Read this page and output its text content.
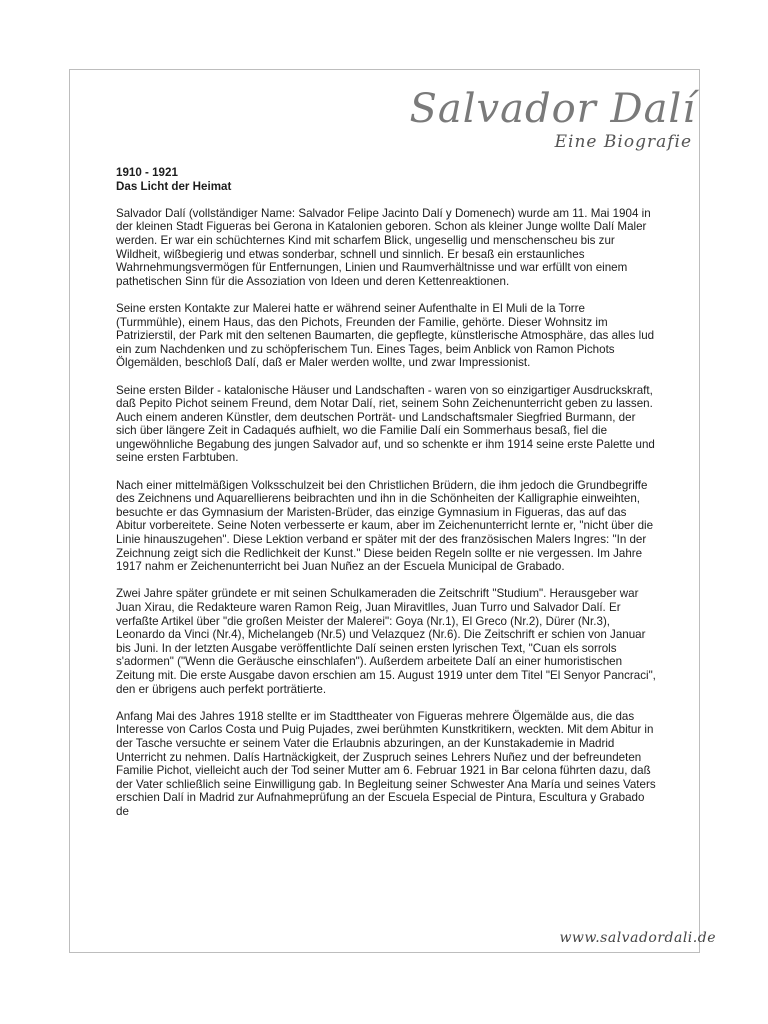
Salvador Dalí
Eine Biografie

1910 - 1921

Das Licht der Heimat

Salvador Dalí (vollständiger Name: Salvador Felipe Jacinto Dalí y Domenech) wurde am 11. Mai 1904 in der kleinen Stadt Figueras bei Gerona in Katalonien geboren. Schon als kleiner Junge wollte Dalí Maler werden. Er war ein schüchternes Kind mit scharfem Blick, ungesellig und menschenscheu bis zur Wildheit, wißbegierig und etwas sonderbar, schnell und sinnlich. Er besaß ein erstaunliches Wahrnehmungsvermögen für Entfernungen, Linien und Raumverhältnisse und war erfüllt von einem pathetischen Sinn für die Assoziation von Ideen und deren Kettenreaktionen.

Seine ersten Kontakte zur Malerei hatte er während seiner Aufenthalte in El Muli de la Torre (Turmmühle), einem Haus, das den Pichots, Freunden der Familie, gehörte. Dieser Wohnsitz im Patrizierstil, der Park mit den seltenen Baumarten, die gepflegte, künstlerische Atmosphäre, das alles lud ein zum Nachdenken und zu schöpferischem Tun. Eines Tages, beim Anblick von Ramon Pichots Ölgemälden, beschloß Dalí, daß er Maler werden wollte, und zwar Impressionist.

Seine ersten Bilder - katalonische Häuser und Landschaften - waren von so einzigartiger Ausdruckskraft, daß Pepito Pichot seinem Freund, dem Notar Dalí, riet, seinem Sohn Zeichenunterricht geben zu lassen. Auch einem anderen Künstler, dem deutschen Porträt- und Landschaftsmaler Siegfried Burmann, der sich über längere Zeit in Cadaqués aufhielt, wo die Familie Dalí ein Sommerhaus besaß, fiel die ungewöhnliche Begabung des jungen Salvador auf, und so schenkte er ihm 1914 seine erste Palette und seine ersten Farbtuben.

Nach einer mittelmäßigen Volksschulzeit bei den Christlichen Brüdern, die ihm jedoch die Grundbegriffe des Zeichnens und Aquarellierens beibrachten und ihn in die Schönheiten der Kalligraphie einweihten, besuchte er das Gymnasium der Maristen-Brüder, das einzige Gymnasium in Figueras, das auf das Abitur vorbereitete. Seine Noten verbesserte er kaum, aber im Zeichenunterricht lernte er, "nicht über die Linie hinauszugehen". Diese Lektion verband er später mit der des französischen Malers Ingres: "In der Zeichnung zeigt sich die Redlichkeit der Kunst." Diese beiden Regeln sollte er nie vergessen. Im Jahre 1917 nahm er Zeichenunterricht bei Juan Nuñez an der Escuela Municipal de Grabado.

Zwei Jahre später gründete er mit seinen Schulkameraden die Zeitschrift "Studium". Herausgeber war Juan Xirau, die Redakteure waren Ramon Reig, Juan Miravitlles, Juan Turro und Salvador Dalí. Er verfaßte Artikel über "die großen Meister der Malerei": Goya (Nr.1), El Greco (Nr.2), Dürer (Nr.3), Leonardo da Vinci (Nr.4), Michelangeb (Nr.5) und Velazquez (Nr.6). Die Zeitschrift er schien von Januar bis Juni. In der letzten Ausgabe veröffentlichte Dalí seinen ersten lyrischen Text, "Cuan els sorrols s'adormen" ("Wenn die Geräusche einschlafen"). Außerdem arbeitete Dalí an einer humoristischen Zeitung mit. Die erste Ausgabe davon erschien am 15. August 1919 unter dem Titel "El Senyor Pancraci", den er übrigens auch perfekt porträtierte.

Anfang Mai des Jahres 1918 stellte er im Stadttheater von Figueras mehrere Ölgemälde aus, die das Interesse von Carlos Costa und Puig Pujades, zwei berühmten Kunstkritikern, weckten. Mit dem Abitur in der Tasche versuchte er seinem Vater die Erlaubnis abzuringen, an der Kunstakademie in Madrid Unterricht zu nehmen. Dalís Hartnäckigkeit, der Zuspruch seines Lehrers Nuñez und der befreundeten Familie Pichot, vielleicht auch der Tod seiner Mutter am 6. Februar 1921 in Bar celona führten dazu, daß der Vater schließlich seine Einwilligung gab. In Begleitung seiner Schwester Ana María und seines Vaters erschien Dalí in Madrid zur Aufnahmeprüfung an der Escuela Especial de Pintura, Escultura y Grabado de

www.salvadordali.de
